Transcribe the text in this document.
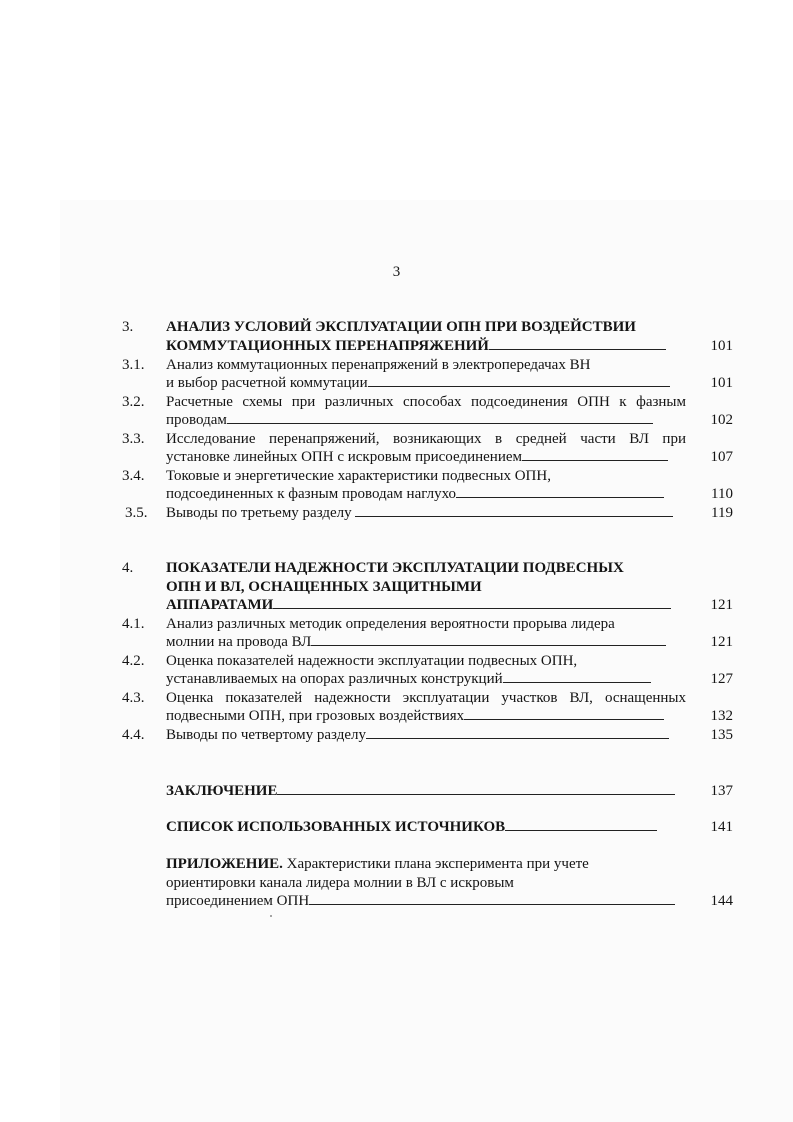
3
3. АНАЛИЗ УСЛОВИЙ ЭКСПЛУАТАЦИИ ОПН ПРИ ВОЗДЕЙСТВИИ
КОММУТАЦИОННЫХ ПЕРЕНАПРЯЖЕНИЙ	101
3.1. Анализ коммутационных перенапряжений в электропередачах ВН
и выбор расчетной коммутации	101
3.2. Расчетные схемы при различных способах подсоединения ОПН к фазным
проводам	102
3.3. Исследование перенапряжений, возникающих в средней части ВЛ при
установке линейных ОПН с искровым присоединением	107
3.4. Токовые и энергетические характеристики подвесных ОПН,
подсоединенных к фазным проводам наглухо	110
3.5. Выводы по третьему разделу	119
4. ПОКАЗАТЕЛИ НАДЕЖНОСТИ ЭКСПЛУАТАЦИИ ПОДВЕСНЫХ
ОПН И ВЛ, ОСНАЩЕННЫХ ЗАЩИТНЫМИ
АППАРАТАМИ	121
4.1. Анализ различных методик определения вероятности прорыва лидера
молнии на провода ВЛ	121
4.2. Оценка показателей надежности эксплуатации подвесных ОПН,
устанавливаемых на опорах различных конструкций	127
4.3. Оценка показателей надежности эксплуатации участков ВЛ, оснащенных
подвесными ОПН, при грозовых воздействиях	132
4.4. Выводы по четвертому разделу	135
ЗАКЛЮЧЕНИЕ	137
СПИСОК ИСПОЛЬЗОВАННЫХ ИСТОЧНИКОВ	141
ПРИЛОЖЕНИЕ. Характеристики плана эксперимента при учете
ориентировки канала лидера молнии в ВЛ с искровым
присоединением ОПН	144
